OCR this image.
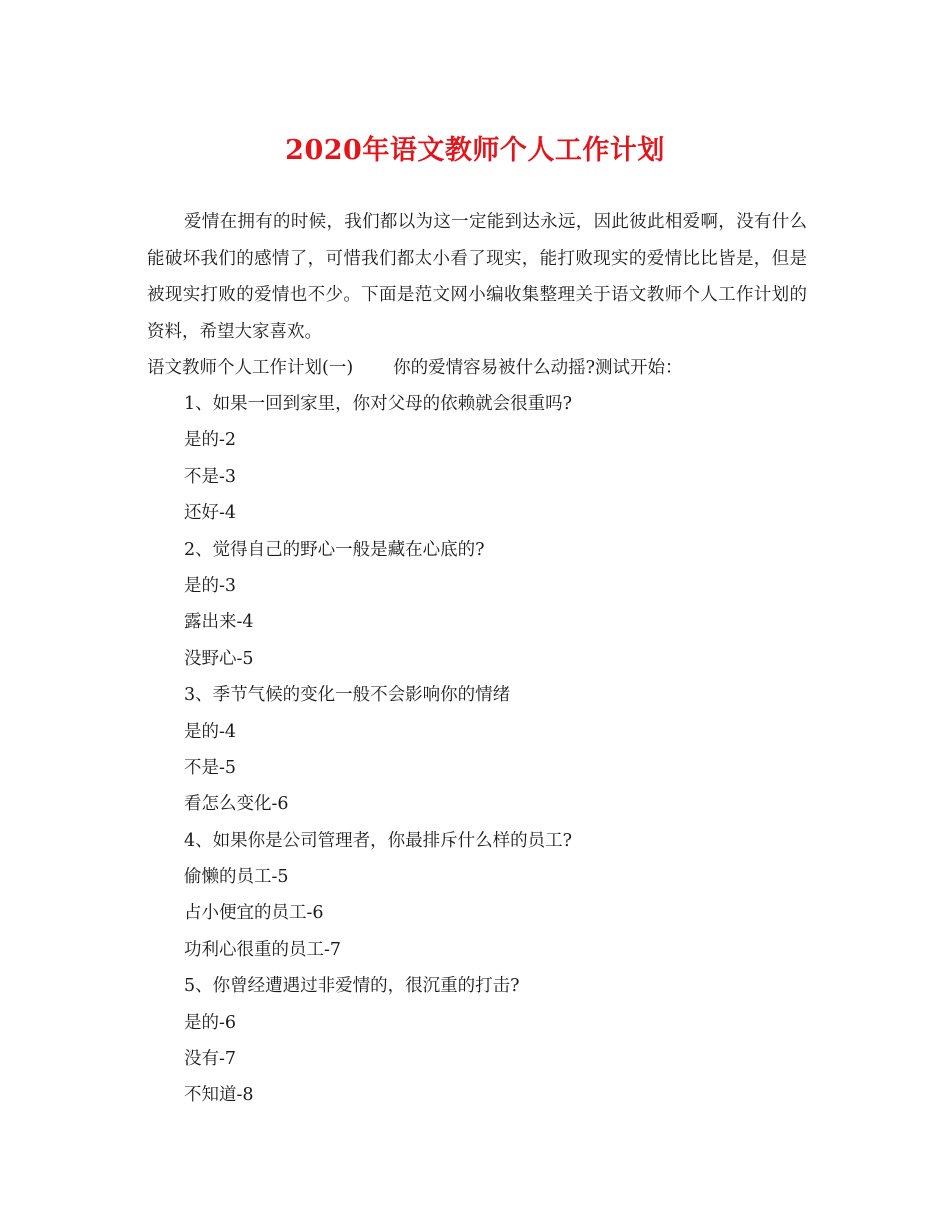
2020年语文教师个人工作计划

爱情在拥有的时候，我们都以为这一定能到达永远，因此彼此相爱啊，没有什么能破坏我们的感情了，可惜我们都太小看了现实，能打败现实的爱情比比皆是，但是被现实打败的爱情也不少。下面是范文网小编收集整理关于语文教师个人工作计划的资料，希望大家喜欢。

语文教师个人工作计划(一) 你的爱情容易被什么动摇?测试开始：
1、如果一回到家里，你对父母的依赖就会很重吗?
是的-2
不是-3
还好-4
2、觉得自己的野心一般是藏在心底的?
是的-3
露出来-4
没野心-5
3、季节气候的变化一般不会影响你的情绪
是的-4
不是-5
看怎么变化-6
4、如果你是公司管理者，你最排斥什么样的员工?
偷懒的员工-5
占小便宜的员工-6
功利心很重的员工-7
5、你曾经遭遇过非爱情的，很沉重的打击?
是的-6
没有-7
不知道-8
